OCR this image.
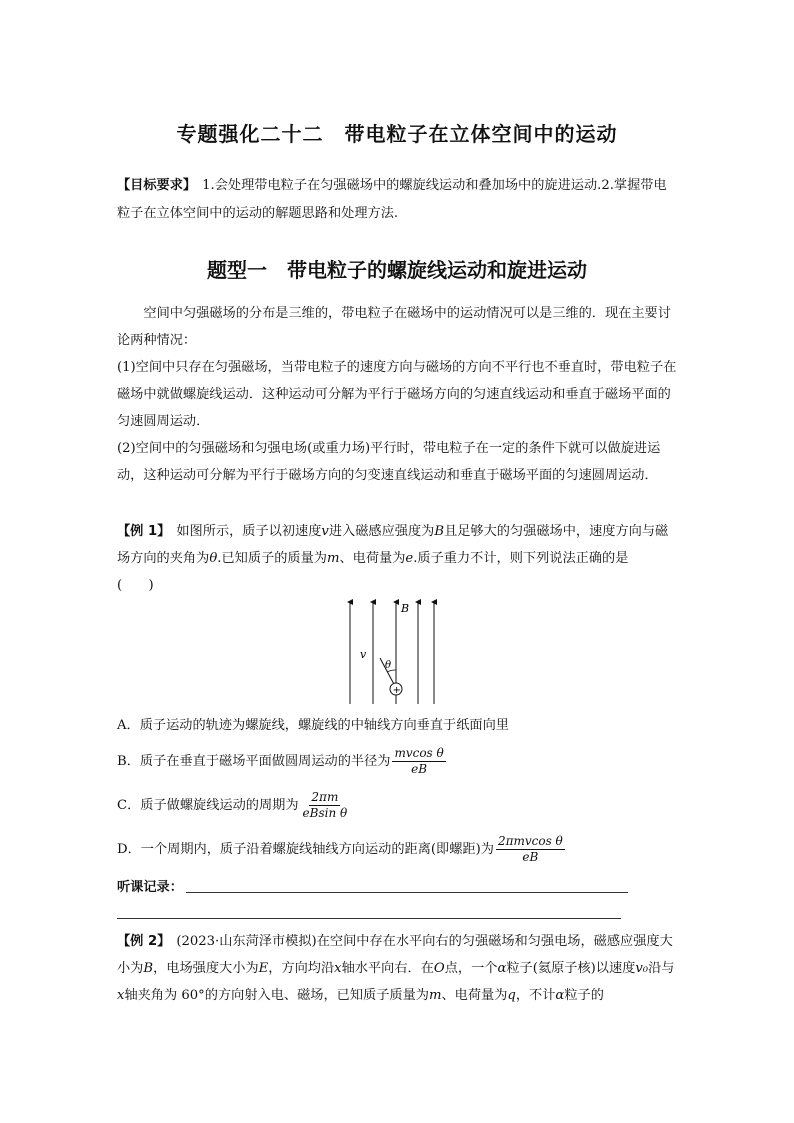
专题强化二十二　带电粒子在立体空间中的运动
【目标要求】 1.会处理带电粒子在匀强磁场中的螺旋线运动和叠加场中的旋进运动.2.掌握带电粒子在立体空间中的运动的解题思路和处理方法.
题型一　带电粒子的螺旋线运动和旋进运动
空间中匀强磁场的分布是三维的，带电粒子在磁场中的运动情况可以是三维的．现在主要讨论两种情况：
(1)空间中只存在匀强磁场，当带电粒子的速度方向与磁场的方向不平行也不垂直时，带电粒子在磁场中就做螺旋线运动．这种运动可分解为平行于磁场方向的匀速直线运动和垂直于磁场平面的匀速圆周运动．
(2)空间中的匀强磁场和匀强电场(或重力场)平行时，带电粒子在一定的条件下就可以做旋进运动，这种运动可分解为平行于磁场方向的匀变速直线运动和垂直于磁场平面的匀速圆周运动．
【例 1】 如图所示，质子以初速度v进入磁感应强度为B且足够大的匀强磁场中，速度方向与磁场方向的夹角为θ.已知质子的质量为m、电荷量为e.质子重力不计，则下列说法正确的是
(　　)
B
v
θ
+
A．质子运动的轨迹为螺旋线，螺旋线的中轴线方向垂直于纸面向里
B．质子在垂直于磁场平面做圆周运动的半径为 $\frac{\text{mvcos θ}}{eB}$
C．质子做螺旋线运动的周期为 $\frac{2\pi m}{\text{eBsin θ}}$
D．一个周期内，质子沿着螺旋线轴线方向运动的距离(即螺距)为 $\frac{\text{2πmvcos θ}}{eB}$
听课记录：
【例 2】 (2023·山东菏泽市模拟)在空间中存在水平向右的匀强磁场和匀强电场，磁感应强度大小为B，电场强度大小为E，方向均沿x轴水平向右．在O点，一个α粒子(氦原子核)以速度v₀沿与x轴夹角为 60°的方向射入电、磁场，已知质子质量为m、电荷量为q，不计α粒子的
